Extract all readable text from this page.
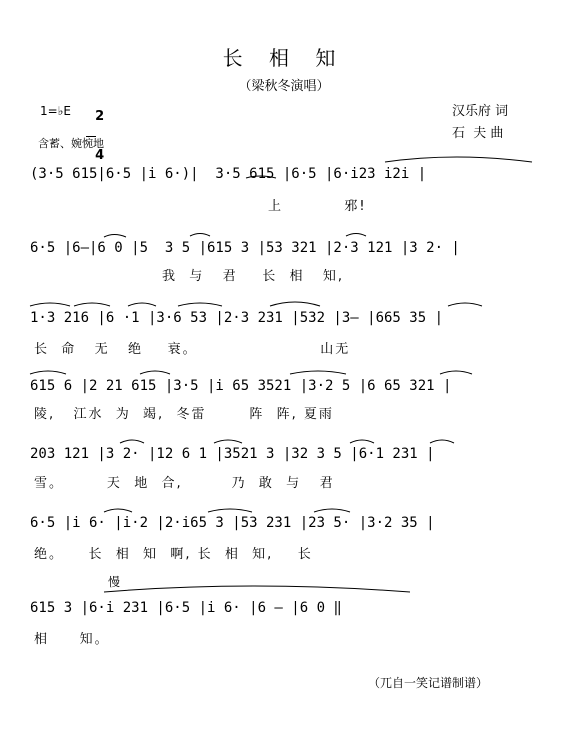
长 相 知
（梁秋冬演唱）
1=♭E	2

4

汉乐府 词
石  夫 曲
含蓄、婉惋地
(3·5 615|6·5 |i 6·)|  3·5 615 |6·5 |6·i23 i2i |
上          邪!
6·5 |6—|6 0 |5  3 5 |615 3 |53 321 |2·3 121 |3 2· |
我  与   君    长  相   知,
1·3 216 |6 ·1 |3·6 53 |2·3 231 |532 |3— |665 35 |
长  命   无   绝    衰。                    山无
615 6 |2 21 615 |3·5 |i 65 3521 |3·2 5 |6 65 321 |
陵,   江水  为  竭,  冬雷       阵  阵, 夏雨
203 121 |3 2· |12 6 1 |3521 3 |32 3 5 |6·1 231 |
雪。       天  地  合,        乃  敢  与   君
6·5 |i 6· |i·2 |2·i65 3 |53 231 |23 5· |3·2 35 |
绝。    长  相  知  啊, 长  相  知,    长
慢
615 3 |6·i 231 |6·5 |i 6· |6 — |6 0 ‖
相     知。
（兀自一笑记谱制谱）
